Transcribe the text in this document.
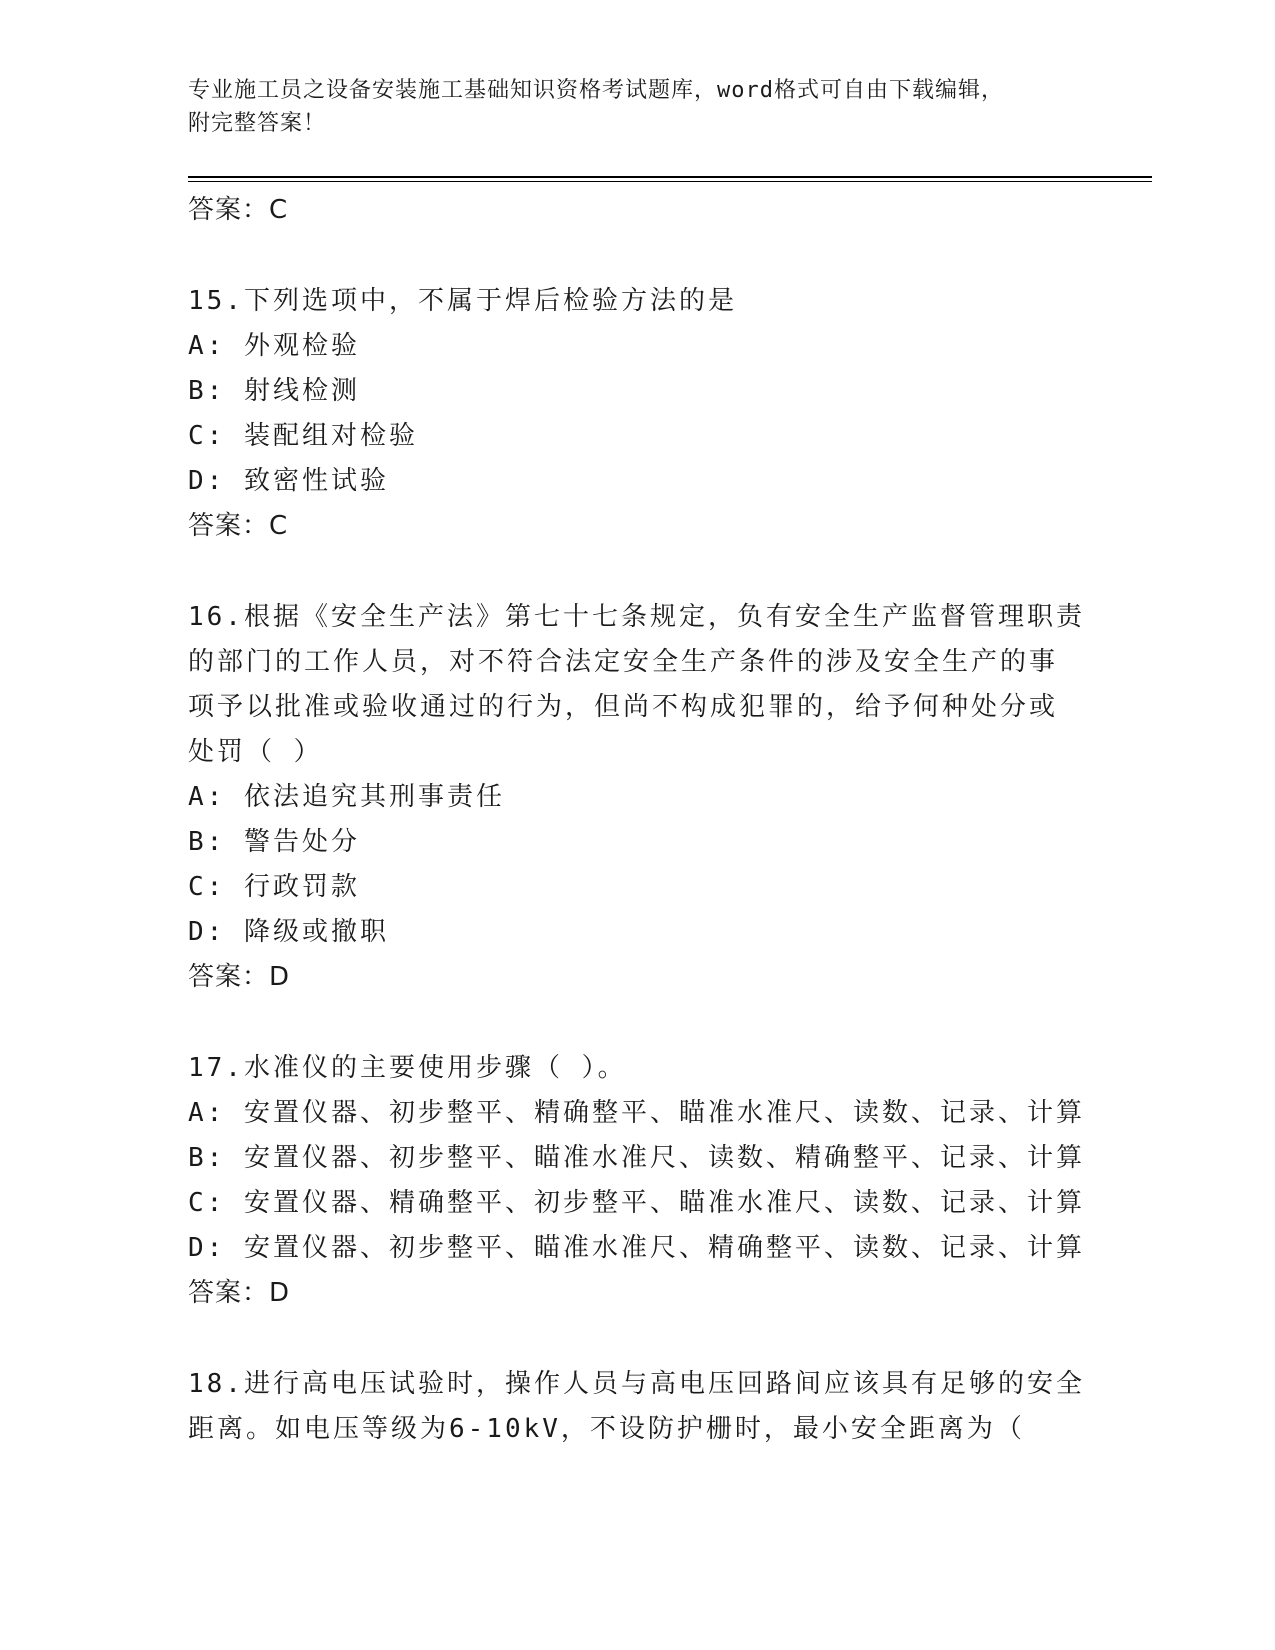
专业施工员之设备安装施工基础知识资格考试题库，word格式可自由下载编辑，
附完整答案！
答案：C
15.下列选项中，不属于焊后检验方法的是
A: 外观检验
B: 射线检测
C: 装配组对检验
D: 致密性试验
答案：C
16.根据《安全生产法》第七十七条规定，负有安全生产监督管理职责
的部门的工作人员，对不符合法定安全生产条件的涉及安全生产的事
项予以批准或验收通过的行为，但尚不构成犯罪的，给予何种处分或
处罚（ ）
A: 依法追究其刑事责任
B: 警告处分
C: 行政罚款
D: 降级或撤职
答案：D
17.水准仪的主要使用步骤（ ）。
A: 安置仪器、初步整平、精确整平、瞄准水准尺、读数、记录、计算
B: 安置仪器、初步整平、瞄准水准尺、读数、精确整平、记录、计算
C: 安置仪器、精确整平、初步整平、瞄准水准尺、读数、记录、计算
D: 安置仪器、初步整平、瞄准水准尺、精确整平、读数、记录、计算
答案：D
18.进行高电压试验时，操作人员与高电压回路间应该具有足够的安全
距离。如电压等级为6-10kV，不设防护栅时，最小安全距离为（
